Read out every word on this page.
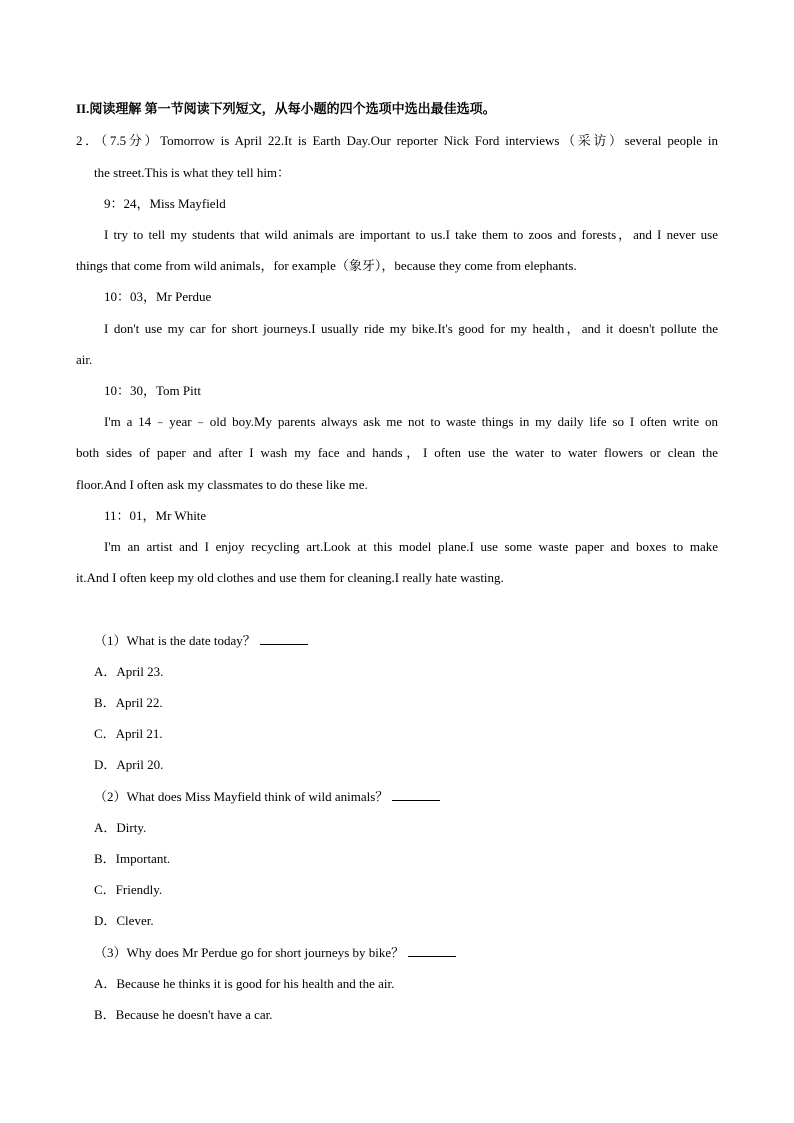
II.阅读理解 第一节阅读下列短文，从每小题的四个选项中选出最佳选项。
2．（7.5分）Tomorrow is April 22.It is Earth Day.Our reporter Nick Ford interviews（采访）several people in
the street.This is what they tell him：
9：24，Miss Mayfield
I try to tell my students that wild animals are important to us.I take them to zoos and forests，and I never use
things that come from wild animals，for example（象牙），because they come from elephants.
10：03，Mr Perdue
I don't use my car for short journeys.I usually ride my bike.It's good for my health，and it doesn't pollute the
air.
10：30，Tom Pitt
I'm a 14﹣year﹣old boy.My parents always ask me not to waste things in my daily life so I often write on
both sides of paper and after I wash my face and hands，I often use the water to water flowers or clean the
floor.And I often ask my classmates to do these like me.
11：01，Mr White
I'm an artist and I enjoy recycling art.Look at this model plane.I use some waste paper and boxes to make
it.And I often keep my old clothes and use them for cleaning.I really hate wasting.
（1）What is the date today？
A．April 23.
B．April 22.
C．April 21.
D．April 20.
（2）What does Miss Mayfield think of wild animals？
A．Dirty.
B．Important.
C．Friendly.
D．Clever.
（3）Why does Mr Perdue go for short journeys by bike？
A．Because he thinks it is good for his health and the air.
B．Because he doesn't have a car.
